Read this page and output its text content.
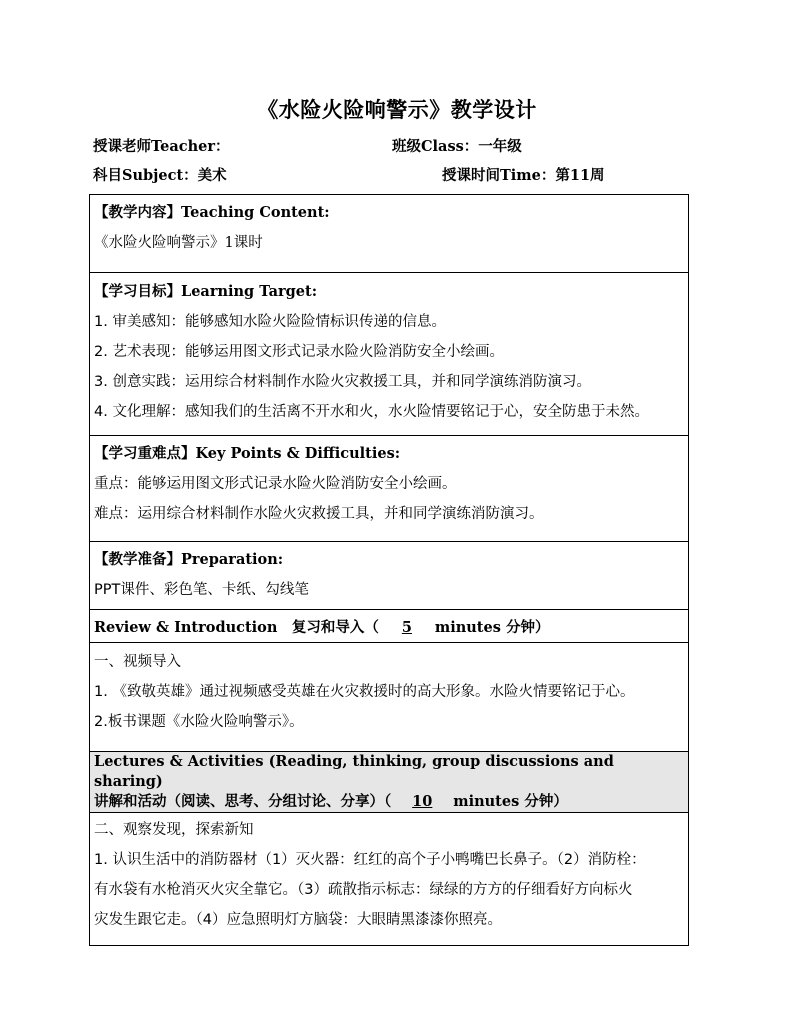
《水险火险响警示》教学设计
授课老师Teacher：	班级Class：一年级
科目Subject：美术	授课时间Time：第11周
【教学内容】Teaching Content:
《水险火险响警示》1课时

【学习目标】Learning Target:
1. 审美感知：能够感知水险火险险情标识传递的信息。
2. 艺术表现：能够运用图文形式记录水险火险消防安全小绘画。
3. 创意实践：运用综合材料制作水险火灾救援工具，并和同学演练消防演习。
4. 文化理解：感知我们的生活离不开水和火，水火险情要铭记于心，安全防患于未然。

【学习重难点】Key Points & Difficulties:
重点：能够运用图文形式记录水险火险消防安全小绘画。
难点：运用综合材料制作水险火灾救援工具，并和同学演练消防演习。

【教学准备】Preparation:
PPT课件、彩色笔、卡纸、勾线笔

Review & Introduction　复习和导入（ 5 minutes 分钟）

一、视频导入
1. 《致敬英雄》通过视频感受英雄在火灾救援时的高大形象。水险火情要铭记于心。
2.板书课题《水险火险响警示》。

Lectures & Activities (Reading, thinking, group discussions and sharing)
讲解和活动（阅读、思考、分组讨论、分享）（ 10 minutes 分钟）

二、观察发现，探索新知
1. 认识生活中的消防器材（1）灭火器：红红的高个子小鸭嘴巴长鼻子。（2）消防栓：
有水袋有水枪消灭火灾全靠它。（3）疏散指示标志：绿绿的方方的仔细看好方向标火
灾发生跟它走。（4）应急照明灯方脑袋：大眼睛黑漆漆你照亮。
